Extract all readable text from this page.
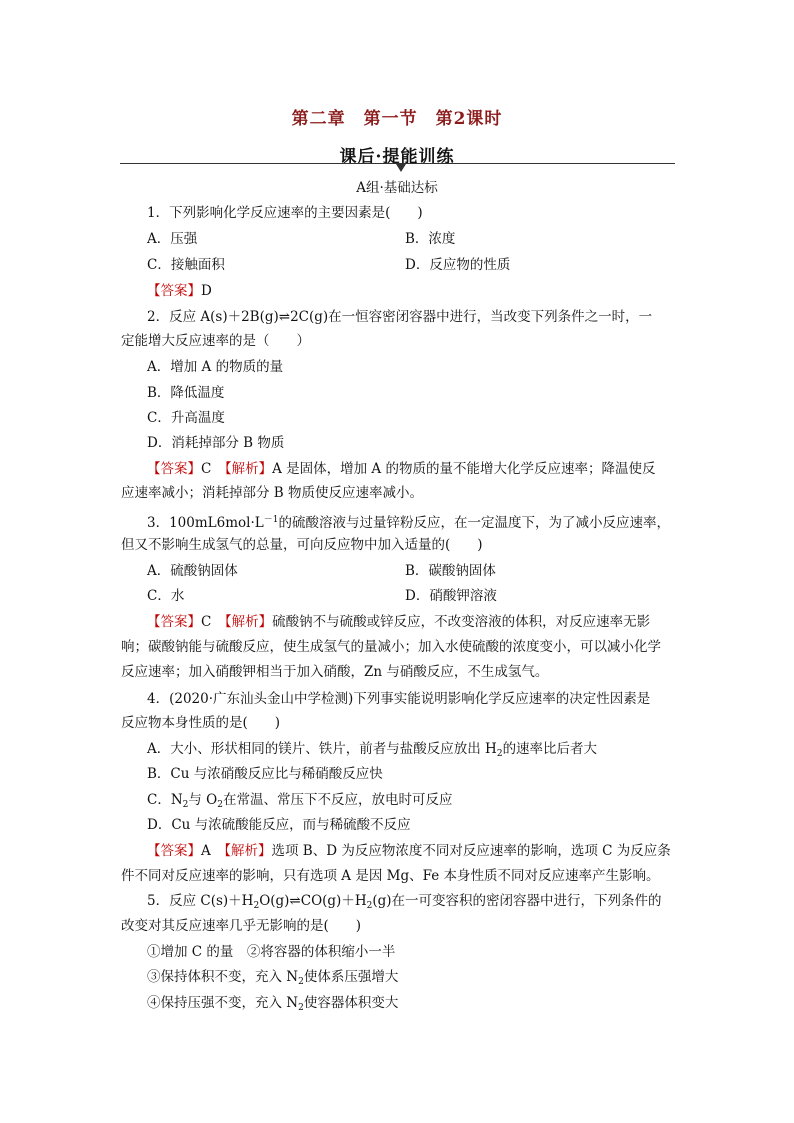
第二章　第一节　第2课时
课后·提能训练
A组·基础达标
1．下列影响化学反应速率的主要因素是(　　)
A．压强	B．浓度
C．接触面积	D．反应物的性质
【答案】D
2．反应 A(s)＋2B(g)⇌2C(g)在一恒容密闭容器中进行，当改变下列条件之一时，一
定能增大反应速率的是（　　）
A．增加 A 的物质的量
B．降低温度
C．升高温度
D．消耗掉部分 B 物质
【答案】C　 【解析】A 是固体，增加 A 的物质的量不能增大化学反应速率；降温使反
应速率减小；消耗掉部分 B 物质使反应速率减小。
3．$100mL6mol\cdot L^{-1}$的硫酸溶液与过量锌粉反应，在一定温度下，为了减小反应速率，
但又不影响生成氢气的总量，可向反应物中加入适量的(　　)
A．硫酸钠固体	B．碳酸钠固体
C．水	D．硝酸钾溶液
【答案】C　 【解析】硫酸钠不与硫酸或锌反应，不改变溶液的体积，对反应速率无影
响；碳酸钠能与硫酸反应，使生成氢气的量减小；加入水使硫酸的浓度变小，可以减小化学
反应速率；加入硝酸钾相当于加入硝酸，Zn 与硝酸反应，不生成氢气。
4．(2020·广东汕头金山中学检测)下列事实能说明影响化学反应速率的决定性因素是
反应物本身性质的是(　　)
A．大小、形状相同的镁片、铁片，前者与盐酸反应放出 $H_2$的速率比后者大
B．Cu 与浓硝酸反应比与稀硝酸反应快
C．$N_2$与 $O_2$在常温、常压下不反应，放电时可反应
D．Cu 与浓硫酸能反应，而与稀硫酸不反应
【答案】A　 【解析】选项 B、D 为反应物浓度不同对反应速率的影响，选项 C 为反应条
件不同对反应速率的影响，只有选项 A 是因 Mg、Fe 本身性质不同对反应速率产生影响。
5．反应 $C(s)+H_2O(g)\rightleftharpoons CO(g)+H_2(g)$在一可变容积的密闭容器中进行，下列条件的
改变对其反应速率几乎无影响的是(　　)
①增加 C 的量　②将容器的体积缩小一半
③保持体积不变，充入 $N_2$使体系压强增大
④保持压强不变，充入 $N_2$使容器体积变大
